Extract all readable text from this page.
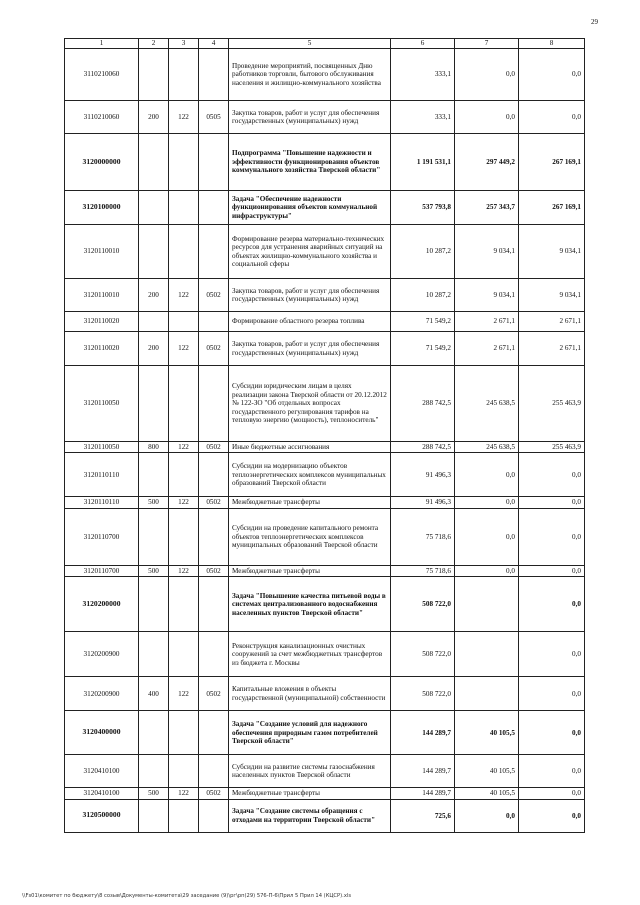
29
1	2	3	4	5	6	7	8
3110210060				Проведение мероприятий, посвященных Дню работников торговли, бытового обслуживания населения и жилищно-коммунального хозяйства	333,1	0,0	0,0
3110210060	200	122	0505	Закупка товаров, работ и услуг для обеспечения государственных (муниципальных) нужд	333,1	0,0	0,0
3120000000				Подпрограмма "Повышение надежности и эффективности функционирования объектов коммунального хозяйства Тверской области"	1 191 531,1	297 449,2	267 169,1
3120100000				Задача "Обеспечение надежности функционирования объектов коммунальной инфраструктуры"	537 793,8	257 343,7	267 169,1
3120110010				Формирование резерва материально-технических ресурсов для устранения аварийных ситуаций на объектах жилищно-коммунального хозяйства и социальной сферы	10 287,2	9 034,1	9 034,1
3120110010	200	122	0502	Закупка товаров, работ и услуг для обеспечения государственных (муниципальных) нужд	10 287,2	9 034,1	9 034,1
3120110020				Формирование областного резерва топлива	71 549,2	2 671,1	2 671,1
3120110020	200	122	0502	Закупка товаров, работ и услуг для обеспечения государственных (муниципальных) нужд	71 549,2	2 671,1	2 671,1
3120110050				Субсидии юридическим лицам в целях реализации закона Тверской области от 20.12.2012 № 122-ЗО "Об отдельных вопросах государственного регулирования тарифов на тепловую энергию (мощность), теплоноситель"	288 742,5	245 638,5	255 463,9
3120110050	800	122	0502	Иные бюджетные ассигнования	288 742,5	245 638,5	255 463,9
3120110110				Субсидии на модернизацию объектов теплоэнергетических комплексов муниципальных образований Тверской области	91 496,3	0,0	0,0
3120110110	500	122	0502	Межбюджетные трансферты	91 496,3	0,0	0,0
3120110700				Субсидии на проведение капитального ремонта объектов теплоэнергетических комплексов муниципальных образований Тверской области	75 718,6	0,0	0,0
3120110700	500	122	0502	Межбюджетные трансферты	75 718,6	0,0	0,0
3120200000				Задача "Повышение качества питьевой воды в системах централизованного водоснабжения населенных пунктов Тверской области"	508 722,0		0,0
3120200900				Реконструкция канализационных очистных сооружений за счет межбюджетных трансфертов из бюджета г. Москвы	508 722,0		0,0
3120200900	400	122	0502	Капитальные вложения в объекты государственной (муниципальной) собственности	508 722,0		0,0
3120400000				Задача "Создание условий для надежного обеспечения природным газом потребителей Тверской области"	144 289,7	40 105,5	0,0
3120410100				Субсидии на развитие системы газоснабжения населенных пунктов Тверской области	144 289,7	40 105,5	0,0
3120410100	500	122	0502	Межбюджетные трансферты	144 289,7	40 105,5	0,0
3120500000				Задача "Создание системы обращения с отходами на территории Тверской области"	725,6	0,0	0,0
\\Fs01\комитет по бюджету\8 созыв\Документы-комитета\29 заседание (9)\рг\рп(29) 576-П-6\Прил 5 Прил 14 (КЦСР).xls
